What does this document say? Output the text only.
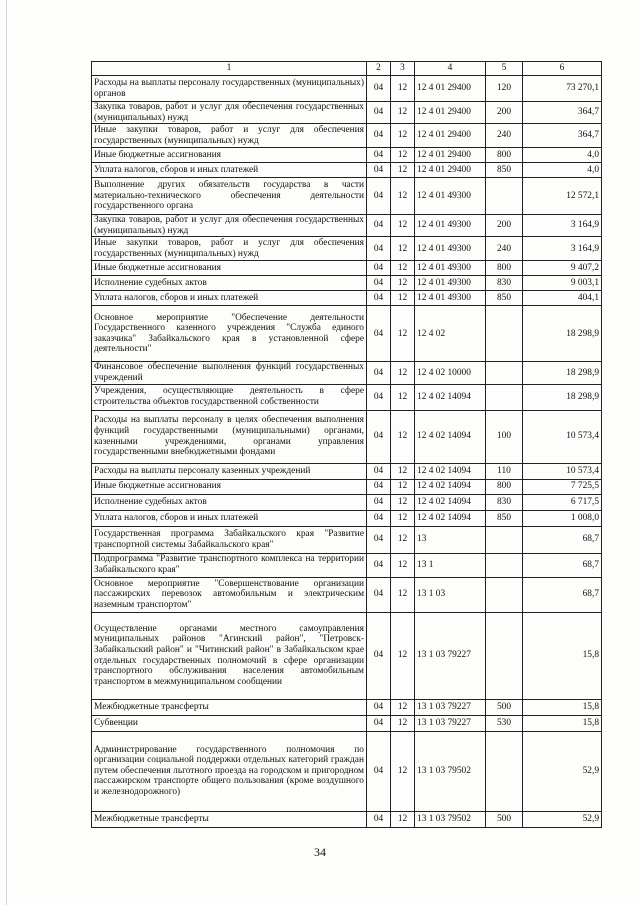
1	2	3	4	5	6
Расходы на выплаты персоналу государственных (муниципальных) органов	04	12	12 4 01 29400	120	73 270,1
Закупка товаров, работ и услуг для обеспечения государственных (муниципальных) нужд	04	12	12 4 01 29400	200	364,7
Иные закупки товаров, работ и услуг для обеспечения государственных (муниципальных) нужд	04	12	12 4 01 29400	240	364,7
Иные бюджетные ассигнования	04	12	12 4 01 29400	800	4,0
Уплата налогов, сборов и иных платежей	04	12	12 4 01 29400	850	4,0
Выполнение других обязательств государства в части материально-технического обеспечения деятельности государственного органа	04	12	12 4 01 49300		12 572,1
Закупка товаров, работ и услуг для обеспечения государственных (муниципальных) нужд	04	12	12 4 01 49300	200	3 164,9
Иные закупки товаров, работ и услуг для обеспечения государственных (муниципальных) нужд	04	12	12 4 01 49300	240	3 164,9
Иные бюджетные ассигнования	04	12	12 4 01 49300	800	9 407,2
Исполнение судебных актов	04	12	12 4 01 49300	830	9 003,1
Уплата налогов, сборов и иных платежей	04	12	12 4 01 49300	850	404,1
Основное мероприятие "Обеспечение деятельности Государственного казенного учреждения "Служба единого заказчика" Забайкальского края в установленной сфере деятельности"	04	12	12 4 02		18 298,9
Финансовое обеспечение выполнения функций государственных учреждений	04	12	12 4 02 10000		18 298,9
Учреждения, осуществляющие деятельность в сфере строительства объектов государственной собственности	04	12	12 4 02 14094		18 298,9
Расходы на выплаты персоналу в целях обеспечения выполнения функций государственными (муниципальными) органами, казенными учреждениями, органами управления государственными внебюджетными фондами	04	12	12 4 02 14094	100	10 573,4
Расходы на выплаты персоналу казенных учреждений	04	12	12 4 02 14094	110	10 573,4
Иные бюджетные ассигнования	04	12	12 4 02 14094	800	7 725,5
Исполнение судебных актов	04	12	12 4 02 14094	830	6 717,5
Уплата налогов, сборов и иных платежей	04	12	12 4 02 14094	850	1 008,0
Государственная программа Забайкальского края "Развитие транспортной системы Забайкальского края"	04	12	13		68,7
Подпрограмма "Развитие транспортного комплекса на территории Забайкальского края"	04	12	13 1		68,7
Основное мероприятие "Совершенствование организации пассажирских перевозок автомобильным и электрическим наземным транспортом"	04	12	13 1 03		68,7
Осуществление органами местного самоуправления муниципальных районов "Агинский район", "Петровск-Забайкальский район" и "Читинский район" в Забайкальском крае отдельных государственных полномочий в сфере организации транспортного обслуживания населения автомобильным транспортом в межмуниципальном сообщении	04	12	13 1 03 79227		15,8
Межбюджетные трансферты	04	12	13 1 03 79227	500	15,8
Субвенции	04	12	13 1 03 79227	530	15,8
Администрирование государственного полномочия по организации социальной поддержки отдельных категорий граждан путем обеспечения льготного проезда на городском и пригородном пассажирском транспорте общего пользования (кроме воздушного и железнодорожного)	04	12	13 1 03 79502		52,9
Межбюджетные трансферты	04	12	13 1 03 79502	500	52,9
34
